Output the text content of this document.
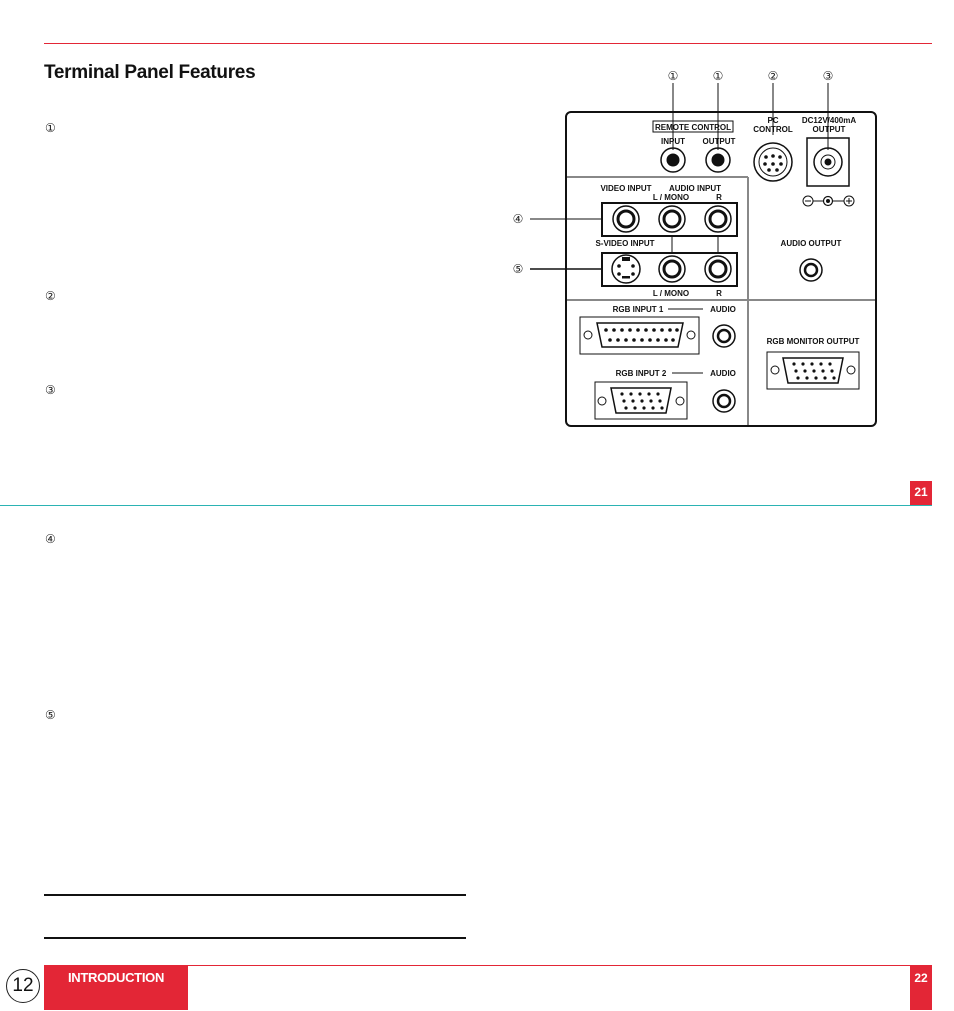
Terminal Panel Features
①
②
③
④
⑤
①	①	②	③
④
⑤
REMOTE CONTROL
INPUT OUTPUT
PC
CONTROL
DC12V/400mA
OUTPUT
VIDEO INPUT AUDIO INPUT
L / MONO	R
S-VIDEO INPUT
L / MONO	R
AUDIO OUTPUT
RGB INPUT 1	AUDIO
RGB INPUT 2	AUDIO
RGB MONITOR OUTPUT
21
12	INTRODUCTION	22
